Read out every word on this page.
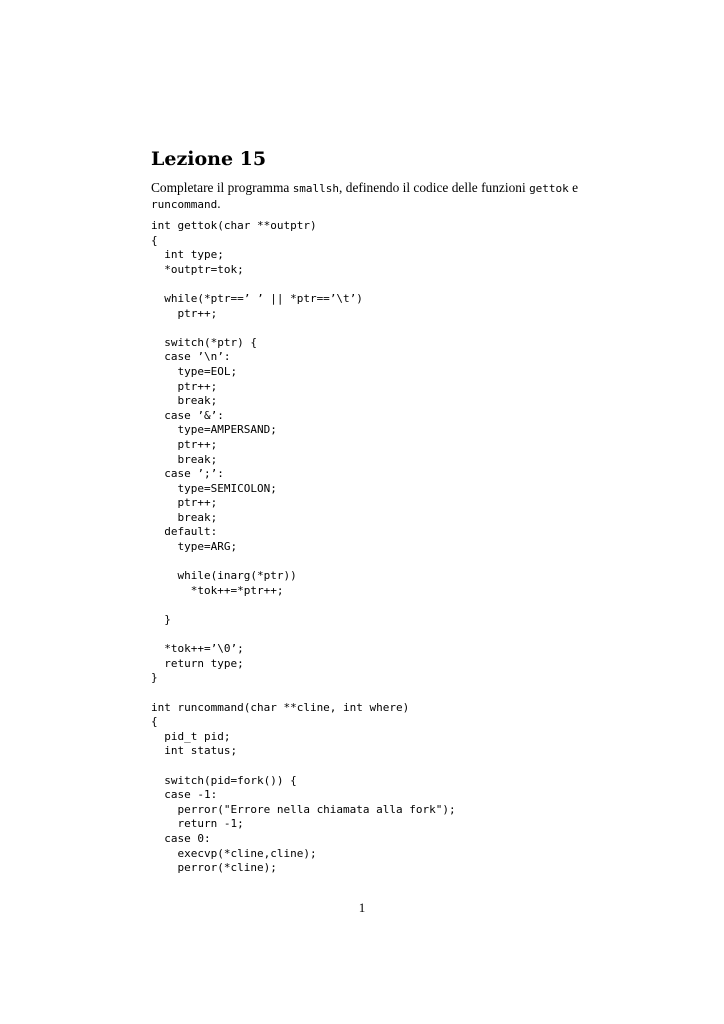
Lezione 15

Completare il programma smallsh, definendo il codice delle funzioni gettok e runcommand.

int gettok(char **outptr)
{
int type;
*outptr=tok;
while(*ptr==’ ’ || *ptr==’\t’)
ptr++;
switch(*ptr) {
case ’\n’:
type=EOL;
ptr++;
break;
case ’&’:
type=AMPERSAND;
ptr++;
break;
case ’;’:
type=SEMICOLON;
ptr++;
break;
default:
type=ARG;
while(inarg(*ptr))
*tok++=*ptr++;
}
*tok++=’\0’;
return type;
}
int runcommand(char **cline, int where)
{
pid_t pid;
int status;
switch(pid=fork()) {
case -1:
perror("Errore nella chiamata alla fork");
return -1;
case 0:
execvp(*cline,cline);
perror(*cline);
1
